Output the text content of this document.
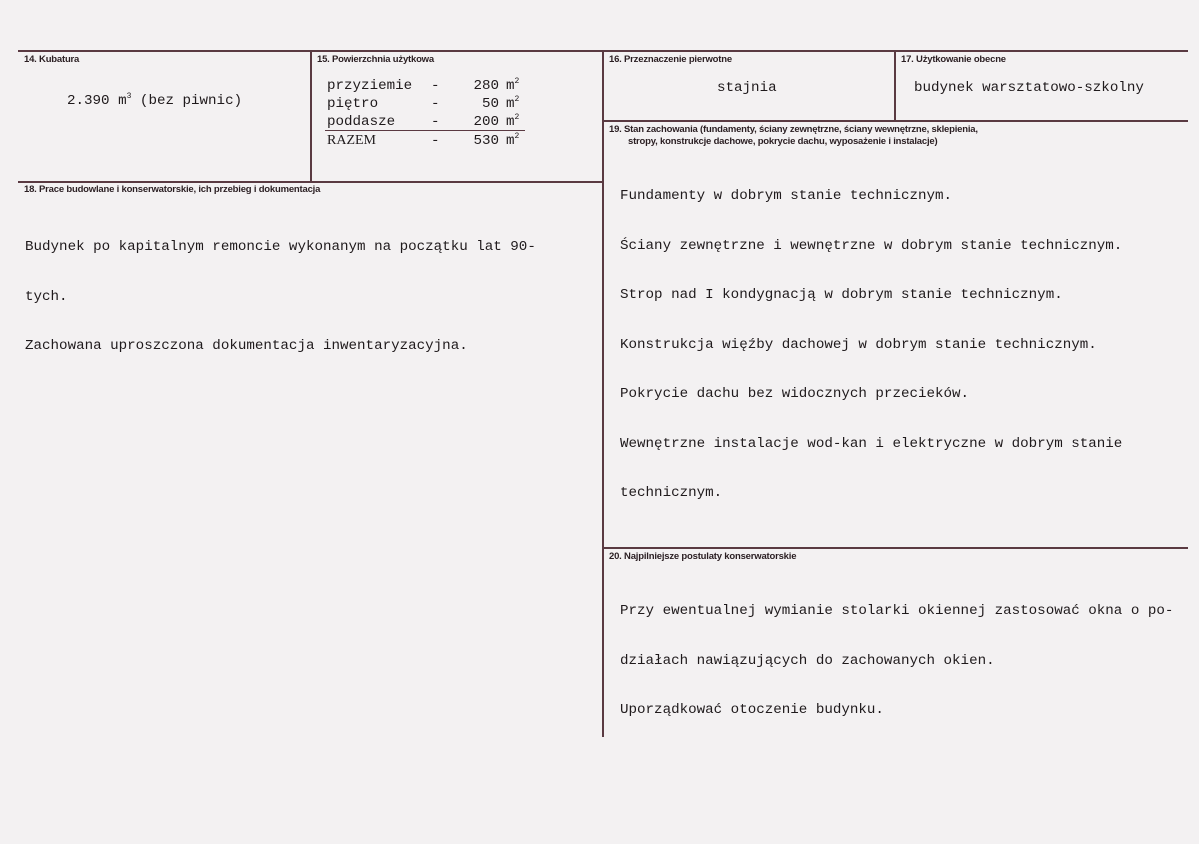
14. Kubatura
2.390 $m^3$ (bez piwnic)
15. Powierzchnia użytkowa
przyziemie	-	280 $m^2$
piętro	-	50 $m^2$
poddasze	-	200 $m^2$
RAZEM	-	530 $m^2$
16. Przeznaczenie pierwotne
stajnia
17. Użytkowanie obecne
budynek warsztatowo-szkolny
18. Prace budowlane i konserwatorskie, ich przebieg i dokumentacja

Budynek po kapitalnym remoncie wykonanym na początku lat 90-

tych.

Zachowana uproszczona dokumentacja inwentaryzacyjna.

19. Stan zachowania (fundamenty, ściany zewnętrzne, ściany wewnętrzne, sklepienia,
stropy, konstrukcje dachowe, pokrycie dachu, wyposażenie i instalacje)

Fundamenty w dobrym stanie technicznym.

Ściany zewnętrzne i wewnętrzne w dobrym stanie technicznym.

Strop nad I kondygnacją w dobrym stanie technicznym.

Konstrukcja więźby dachowej w dobrym stanie technicznym.

Pokrycie dachu bez widocznych przecieków.

Wewnętrzne instalacje wod-kan i elektryczne w dobrym stanie

technicznym.

20. Najpilniejsze postulaty konserwatorskie

Przy ewentualnej wymianie stolarki okiennej zastosować okna o po-

działach nawiązujących do zachowanych okien.

Uporządkować otoczenie budynku.
